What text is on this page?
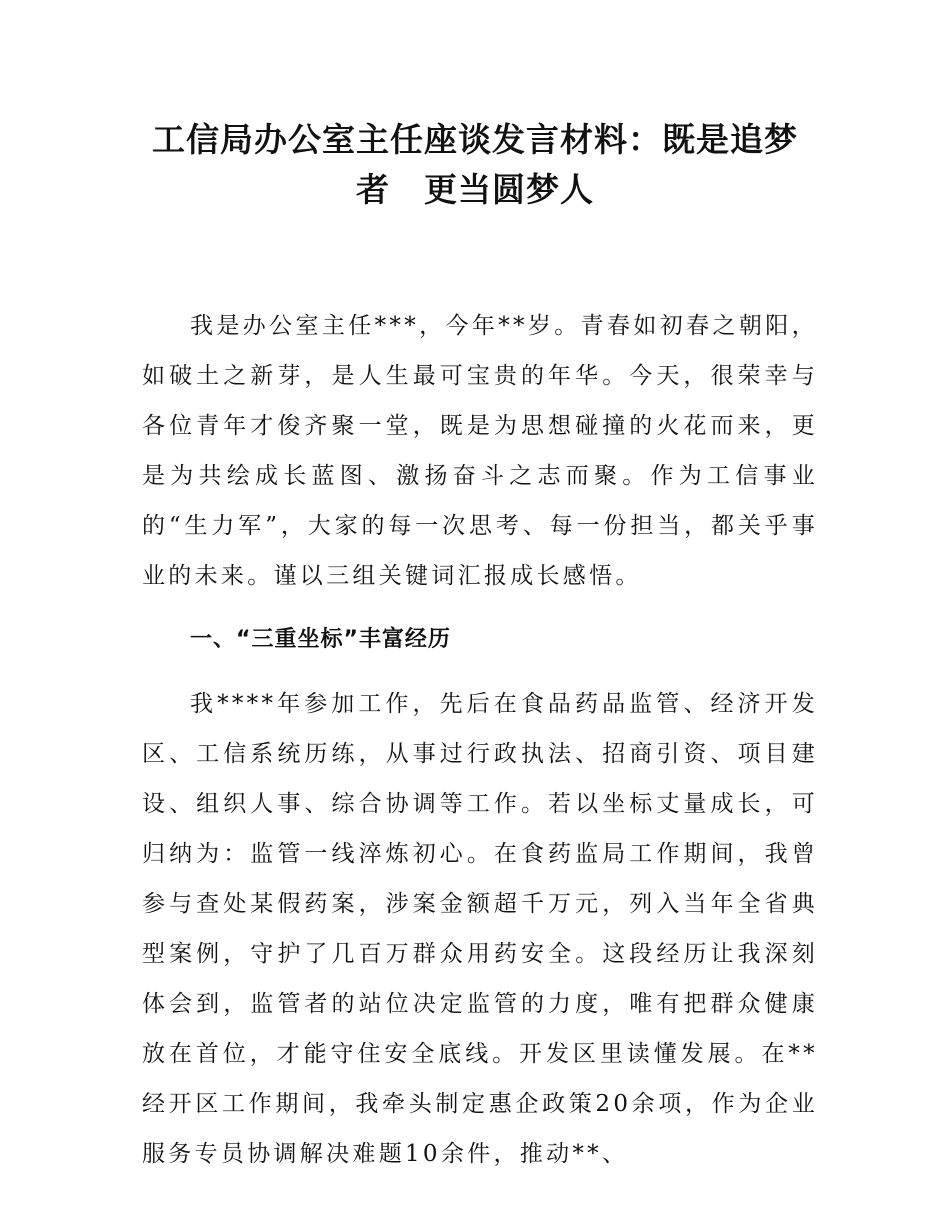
工信局办公室主任座谈发言材料：既是追梦
者　更当圆梦人

我是办公室主任***，今年**岁。青春如初春之朝阳，如破土之新芽，是人生最可宝贵的年华。今天，很荣幸与各位青年才俊齐聚一堂，既是为思想碰撞的火花而来，更是为共绘成长蓝图、激扬奋斗之志而聚。作为工信事业的“生力军”，大家的每一次思考、每一份担当，都关乎事业的未来。谨以三组关键词汇报成长感悟。

一、“三重坐标”丰富经历

我****年参加工作，先后在食品药品监管、经济开发区、工信系统历练，从事过行政执法、招商引资、项目建设、组织人事、综合协调等工作。若以坐标丈量成长，可归纳为：监管一线淬炼初心。在食药监局工作期间，我曾参与查处某假药案，涉案金额超千万元，列入当年全省典型案例，守护了几百万群众用药安全。这段经历让我深刻体会到，监管者的站位决定监管的力度，唯有把群众健康放在首位，才能守住安全底线。开发区里读懂发展。在**经开区工作期间，我牵头制定惠企政策20余项，作为企业服务专员协调解决难题10余件，推动**、
